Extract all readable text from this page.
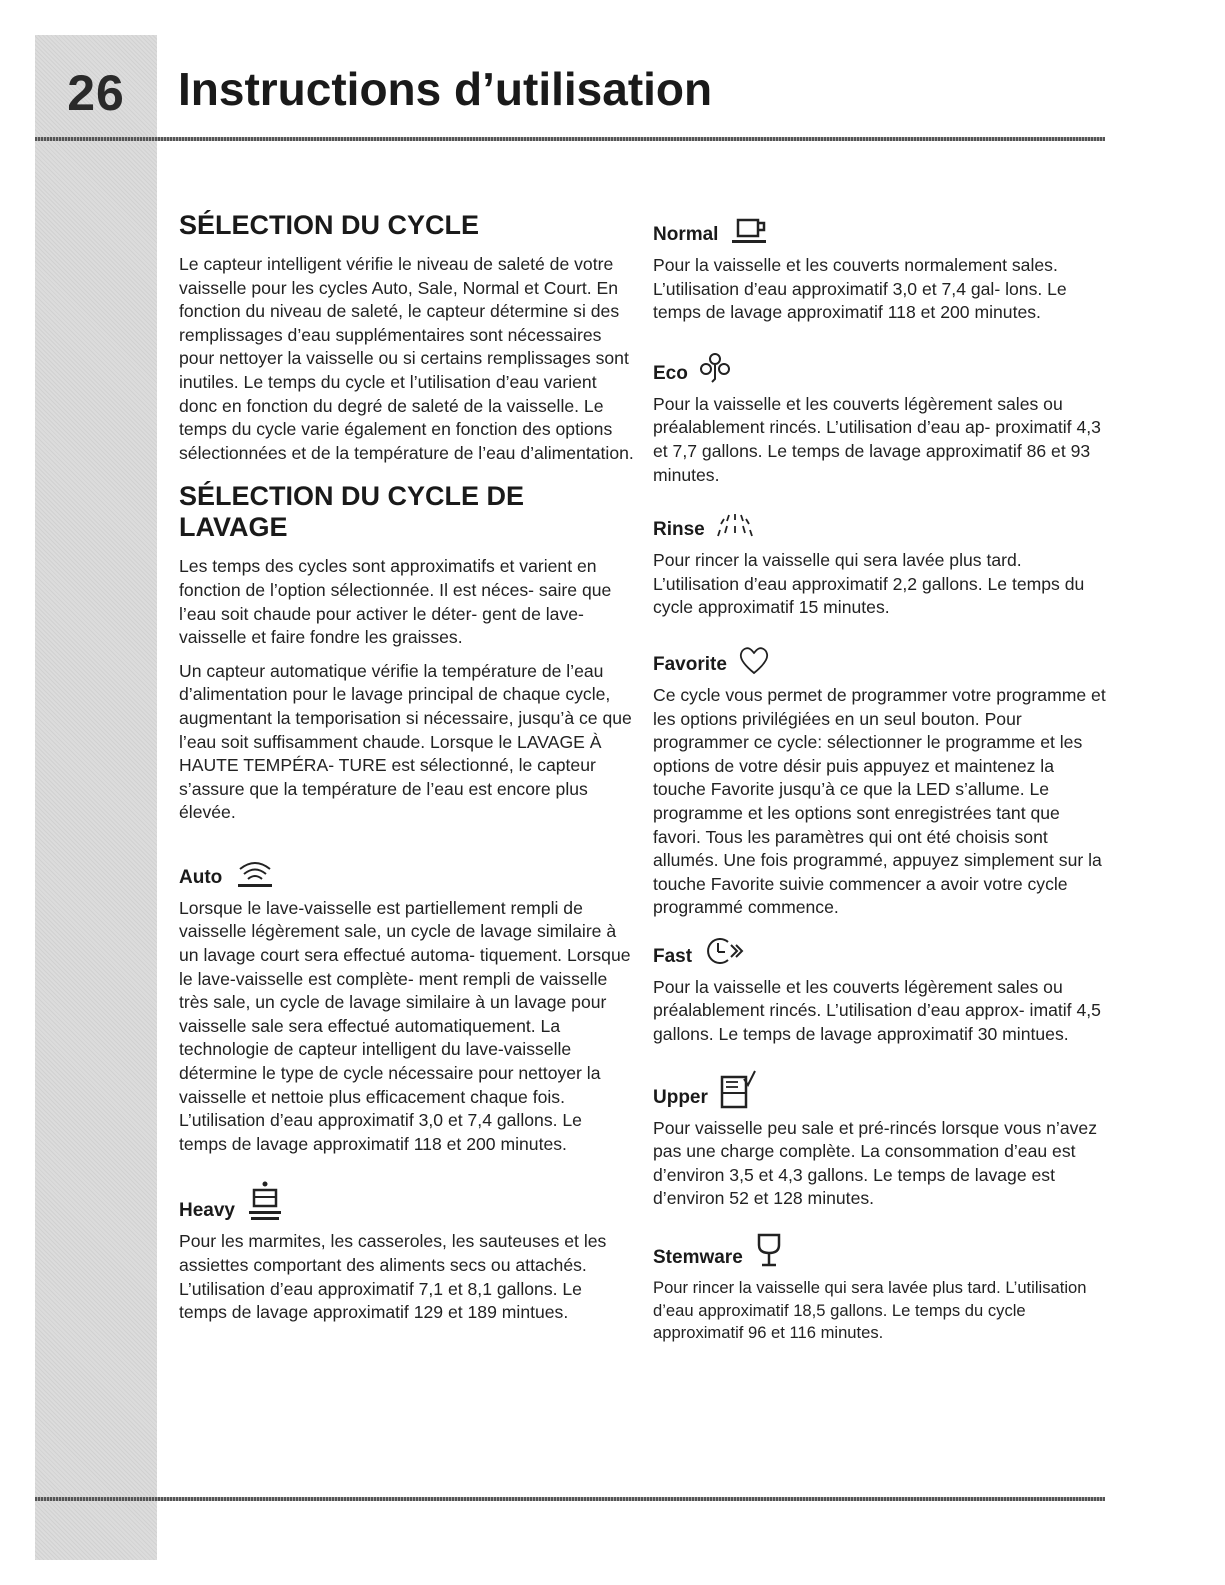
26	Instructions d’utilisation
SÉLECTION DU CYCLE

Le capteur intelligent vérifie le niveau de saleté de votre vaisselle pour les cycles Auto, Sale, Normal et Court. En fonction du niveau de saleté, le capteur détermine si des remplissages d’eau supplémentaires sont nécessaires pour nettoyer la vaisselle ou si certains remplissages sont inutiles. Le temps du cycle et l’utilisation d’eau varient donc en fonction du degré de saleté de la vaisselle. Le temps du cycle varie également en fonction des options sélectionnées et de la température de l’eau d’alimentation.

SÉLECTION DU CYCLE DE LAVAGE

Les temps des cycles sont approximatifs et varient en fonction de l’option sélectionnée. Il est néces- saire que l’eau soit chaude pour activer le déter- gent de lave-vaisselle et faire fondre les graisses.

Un capteur automatique vérifie la température de l’eau d’alimentation pour le lavage principal de chaque cycle, augmentant la temporisation si nécessaire, jusqu’à ce que l’eau soit suffisamment chaude. Lorsque le LAVAGE À HAUTE TEMPÉRA- TURE est sélectionné, le capteur s’assure que la température de l’eau est encore plus élevée.

Auto

Lorsque le lave-vaisselle est partiellement rempli de vaisselle légèrement sale, un cycle de lavage similaire à un lavage court sera effectué automa- tiquement. Lorsque le lave-vaisselle est complète- ment rempli de vaisselle très sale, un cycle de lavage similaire à un lavage pour vaisselle sale sera effectué automatiquement. La technologie de capteur intelligent du lave-vaisselle détermine le type de cycle nécessaire pour nettoyer la vaisselle et nettoie plus efficacement chaque fois. L’utilisation d’eau approximatif 3,0 et 7,4 gallons. Le temps de lavage approximatif 118 et 200 minutes.

Heavy

Pour les marmites, les casseroles, les sauteuses et les assiettes comportant des aliments secs ou attachés. L’utilisation d’eau approximatif 7,1 et 8,1 gallons. Le temps de lavage approximatif 129 et 189 mintues.

Normal

Pour la vaisselle et les couverts normalement sales. L’utilisation d’eau approximatif 3,0 et 7,4 gal- lons. Le temps de lavage approximatif 118 et 200 minutes.

Eco

Pour la vaisselle et les couverts légèrement sales ou préalablement rincés. L’utilisation d’eau ap- proximatif 4,3 et 7,7 gallons. Le temps de lavage approximatif 86 et 93 minutes.

Rinse

Pour rincer la vaisselle qui sera lavée plus tard. L’utilisation d’eau approximatif 2,2 gallons. Le temps du cycle approximatif 15 minutes.

Favorite

Ce cycle vous permet de programmer votre programme et les options privilégiées en un seul bouton. Pour programmer ce cycle: sélectionner le programme et les options de votre désir puis appuyez et maintenez la touche Favorite jusqu’à ce que la LED s’allume. Le programme et les options sont enregistrées tant que favori. Tous les paramètres qui ont été choisis sont allumés. Une fois programmé, appuyez simplement sur la touche Favorite suivie commencer a avoir votre cycle programmé commence.

Fast

Pour la vaisselle et les couverts légèrement sales ou préalablement rincés. L’utilisation d’eau approx- imatif 4,5 gallons. Le temps de lavage approximatif 30 mintues.

Upper

Pour vaisselle peu sale et pré-rincés lorsque vous n’avez pas une charge complète. La consommation d’eau est d’environ 3,5 et 4,3 gallons. Le temps de lavage est d’environ 52 et 128 minutes.

Stemware

Pour rincer la vaisselle qui sera lavée plus tard. L’utilisation d’eau approximatif 18,5 gallons. Le temps du cycle approximatif 96 et 116 minutes.
